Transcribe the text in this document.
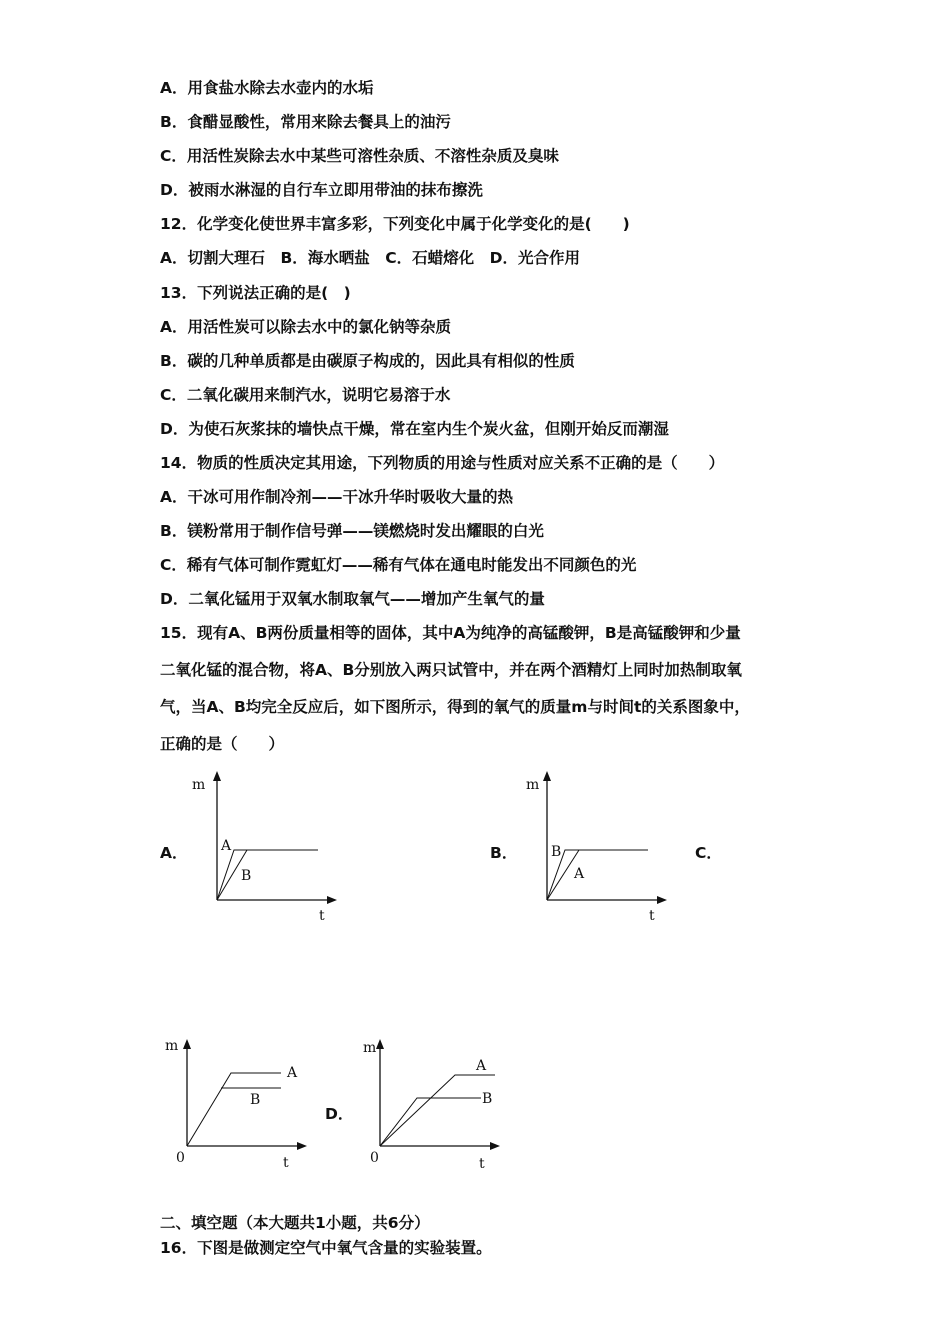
A．用食盐水除去水壶内的水垢
B．食醋显酸性，常用来除去餐具上的油污
C．用活性炭除去水中某些可溶性杂质、不溶性杂质及臭味
D．被雨水淋湿的自行车立即用带油的抹布擦洗
12．化学变化使世界丰富多彩，下列变化中属于化学变化的是(　　)
A．切割大理石　B．海水晒盐　C．石蜡熔化　D．光合作用
13．下列说法正确的是(　)
A．用活性炭可以除去水中的氯化钠等杂质
B．碳的几种单质都是由碳原子构成的，因此具有相似的性质
C．二氧化碳用来制汽水，说明它易溶于水
D．为使石灰浆抹的墙快点干燥，常在室内生个炭火盆，但刚开始反而潮湿
14．物质的性质决定其用途，下列物质的用途与性质对应关系不正确的是（　　）
A．干冰可用作制冷剂——干冰升华时吸收大量的热
B．镁粉常用于制作信号弹——镁燃烧时发出耀眼的白光
C．稀有气体可制作霓虹灯——稀有气体在通电时能发出不同颜色的光
D．二氧化锰用于双氧水制取氧气——增加产生氧气的量
15．现有A、B两份质量相等的固体，其中A为纯净的高锰酸钾，B是高锰酸钾和少量
二氧化锰的混合物，将A、B分别放入两只试管中，并在两个酒精灯上同时加热制取氧
气，当A、B均完全反应后，如下图所示，得到的氧气的质量m与时间t的关系图象中，
正确的是（　　）
A．	B．	C．
D．
m
t
A
B
m
t
B
A
m
0	t
A
B
m
0	t
A
B
二、填空题（本大题共1小题，共6分）
16．下图是做测定空气中氧气含量的实验装置。
